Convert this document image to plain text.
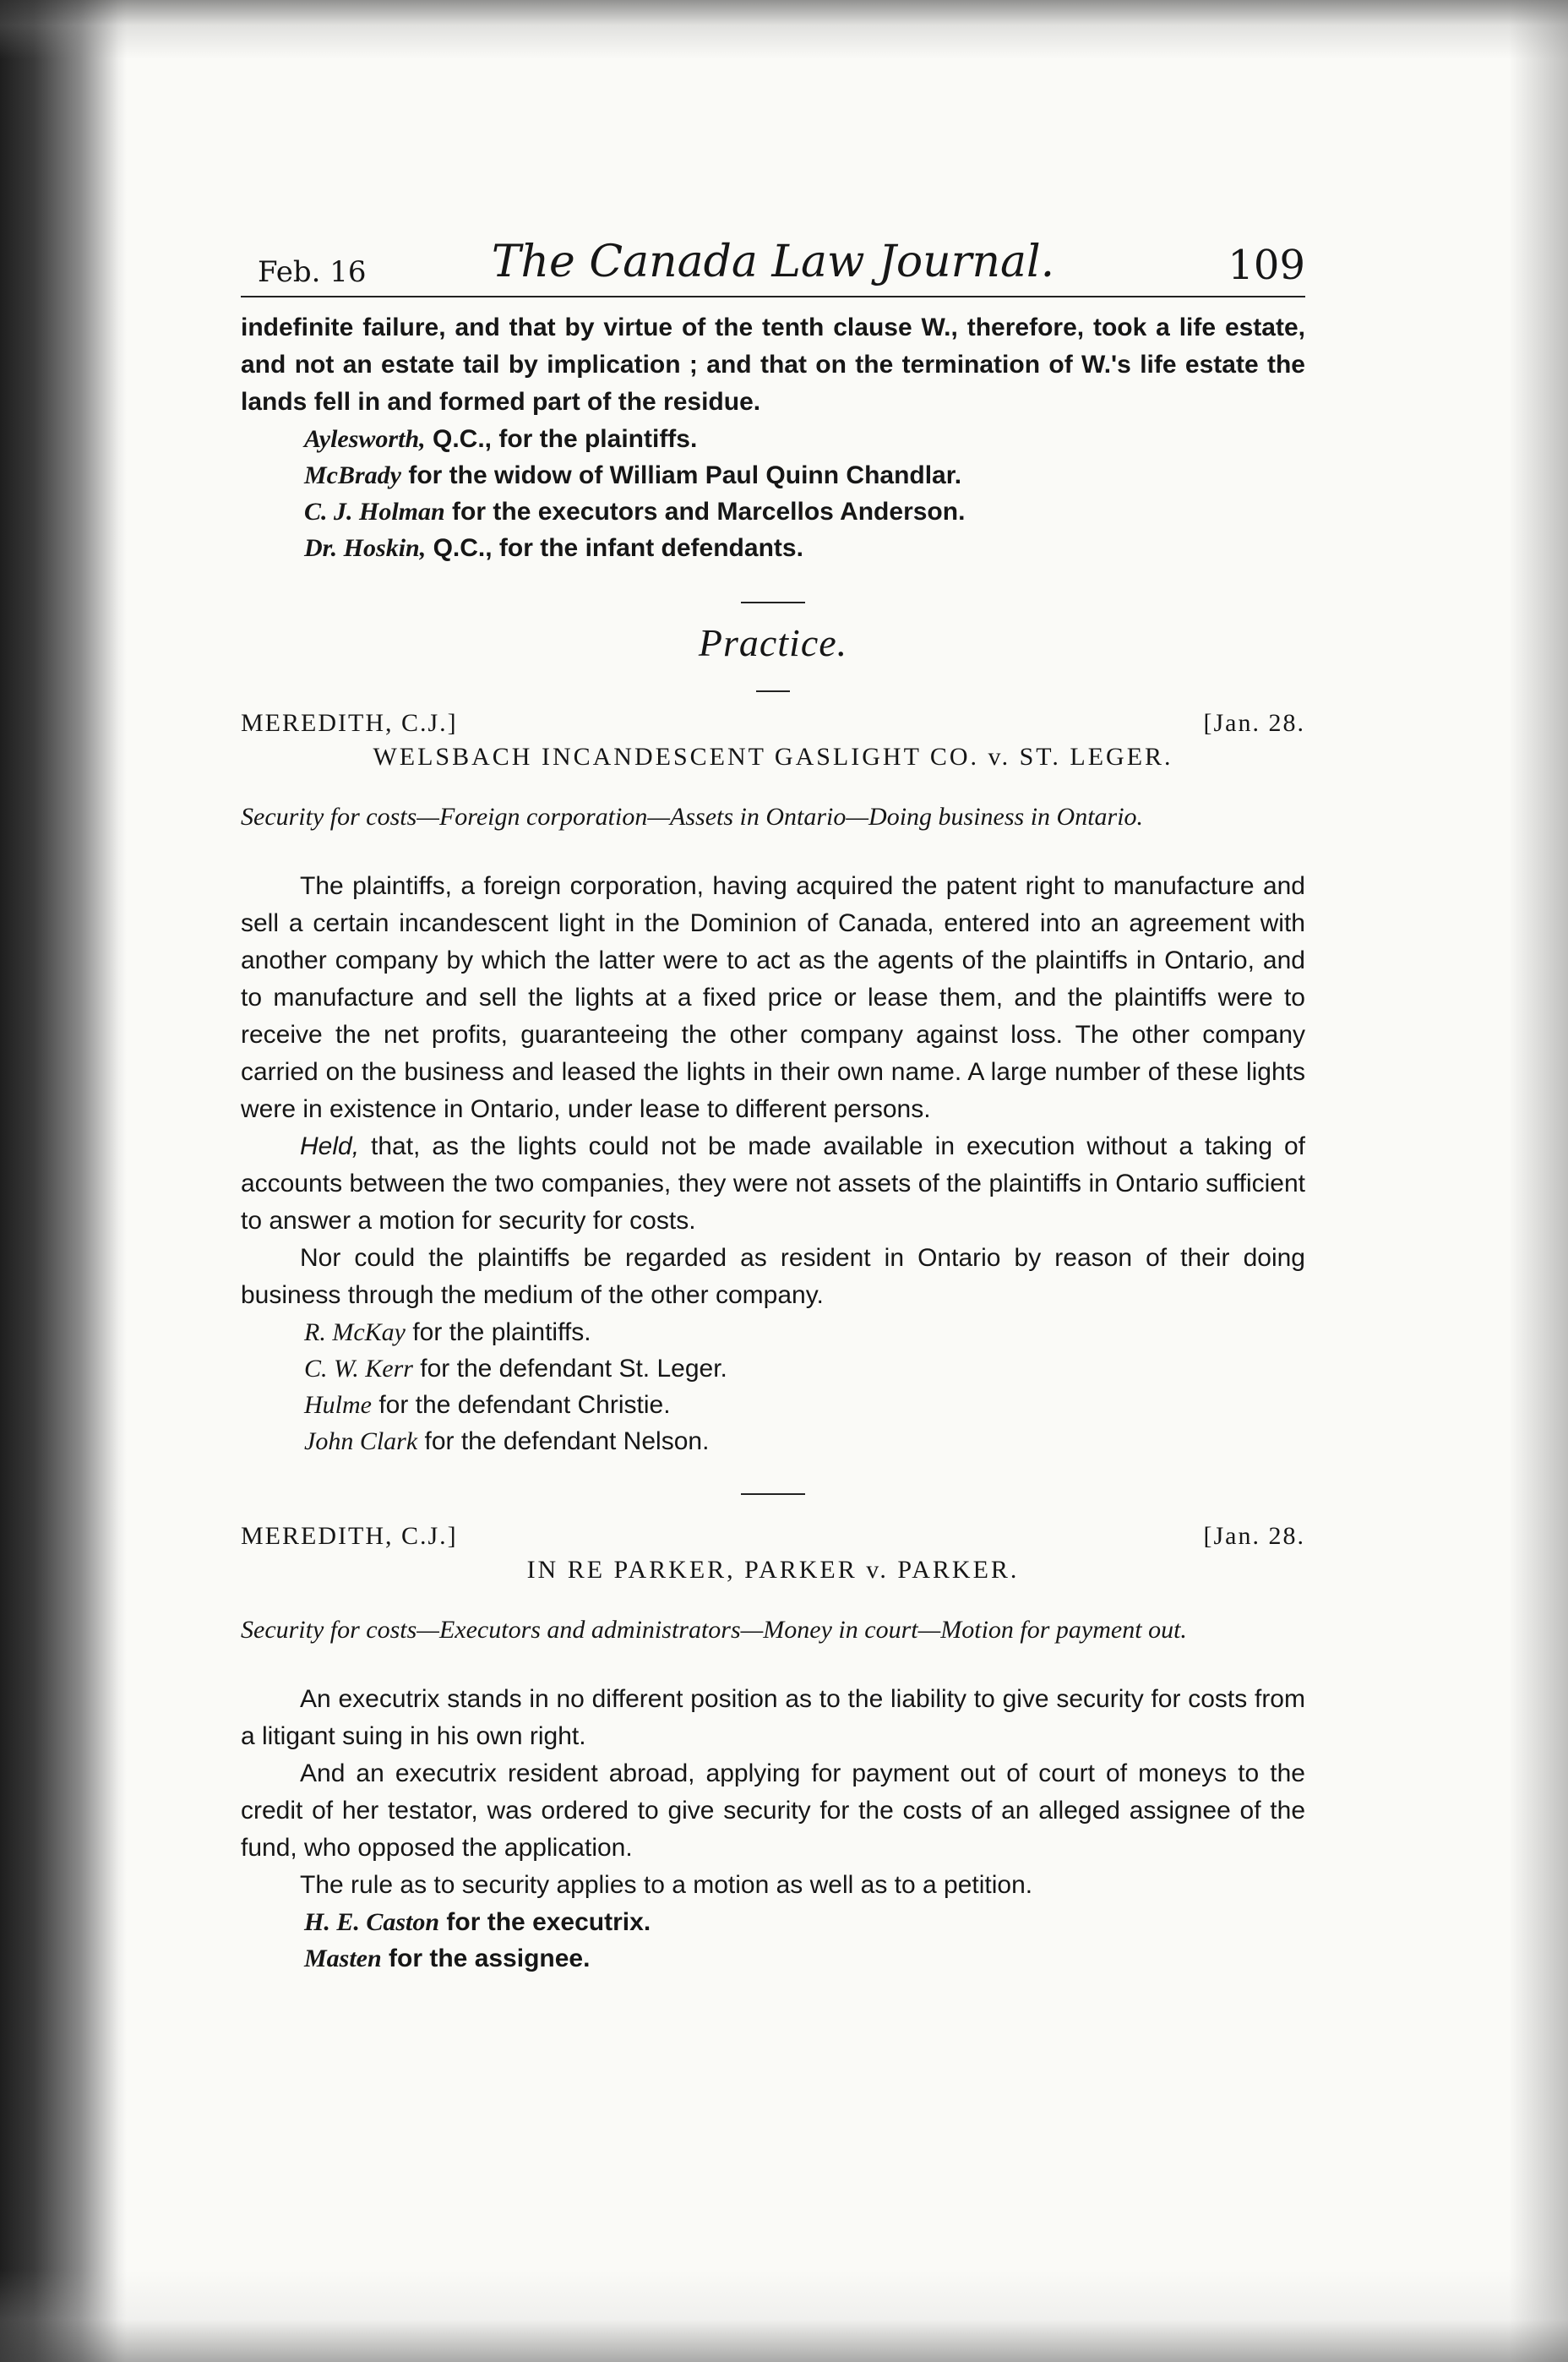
Feb. 16	The Canada Law Journal.	109

indefinite failure, and that by virtue of the tenth clause W., therefore, took a life estate, and not an estate tail by implication ; and that on the termination of W.'s life estate the lands fell in and formed part of the residue.

Aylesworth, Q.C., for the plaintiffs.

McBrady for the widow of William Paul Quinn Chandlar.

C. J. Holman for the executors and Marcellos Anderson.

Dr. Hoskin, Q.C., for the infant defendants.

Practice.

MEREDITH, C.J.]	[Jan. 28.

WELSBACH INCANDESCENT GASLIGHT CO. v. ST. LEGER.

Security for costs—Foreign corporation—Assets in Ontario—Doing business in Ontario.

The plaintiffs, a foreign corporation, having acquired the patent right to manufacture and sell a certain incandescent light in the Dominion of Canada, entered into an agreement with another company by which the latter were to act as the agents of the plaintiffs in Ontario, and to manufacture and sell the lights at a fixed price or lease them, and the plaintiffs were to receive the net profits, guaranteeing the other company against loss. The other company carried on the business and leased the lights in their own name. A large number of these lights were in existence in Ontario, under lease to different persons.

Held, that, as the lights could not be made available in execution without a taking of accounts between the two companies, they were not assets of the plaintiffs in Ontario sufficient to answer a motion for security for costs.

Nor could the plaintiffs be regarded as resident in Ontario by reason of their doing business through the medium of the other company.

R. McKay for the plaintiffs.

C. W. Kerr for the defendant St. Leger.

Hulme for the defendant Christie.

John Clark for the defendant Nelson.

MEREDITH, C.J.]	[Jan. 28.

IN RE PARKER, PARKER v. PARKER.

Security for costs—Executors and administrators—Money in court—Motion for payment out.

An executrix stands in no different position as to the liability to give security for costs from a litigant suing in his own right.

And an executrix resident abroad, applying for payment out of court of moneys to the credit of her testator, was ordered to give security for the costs of an alleged assignee of the fund, who opposed the application.

The rule as to security applies to a motion as well as to a petition.

H. E. Caston for the executrix.

Masten for the assignee.
